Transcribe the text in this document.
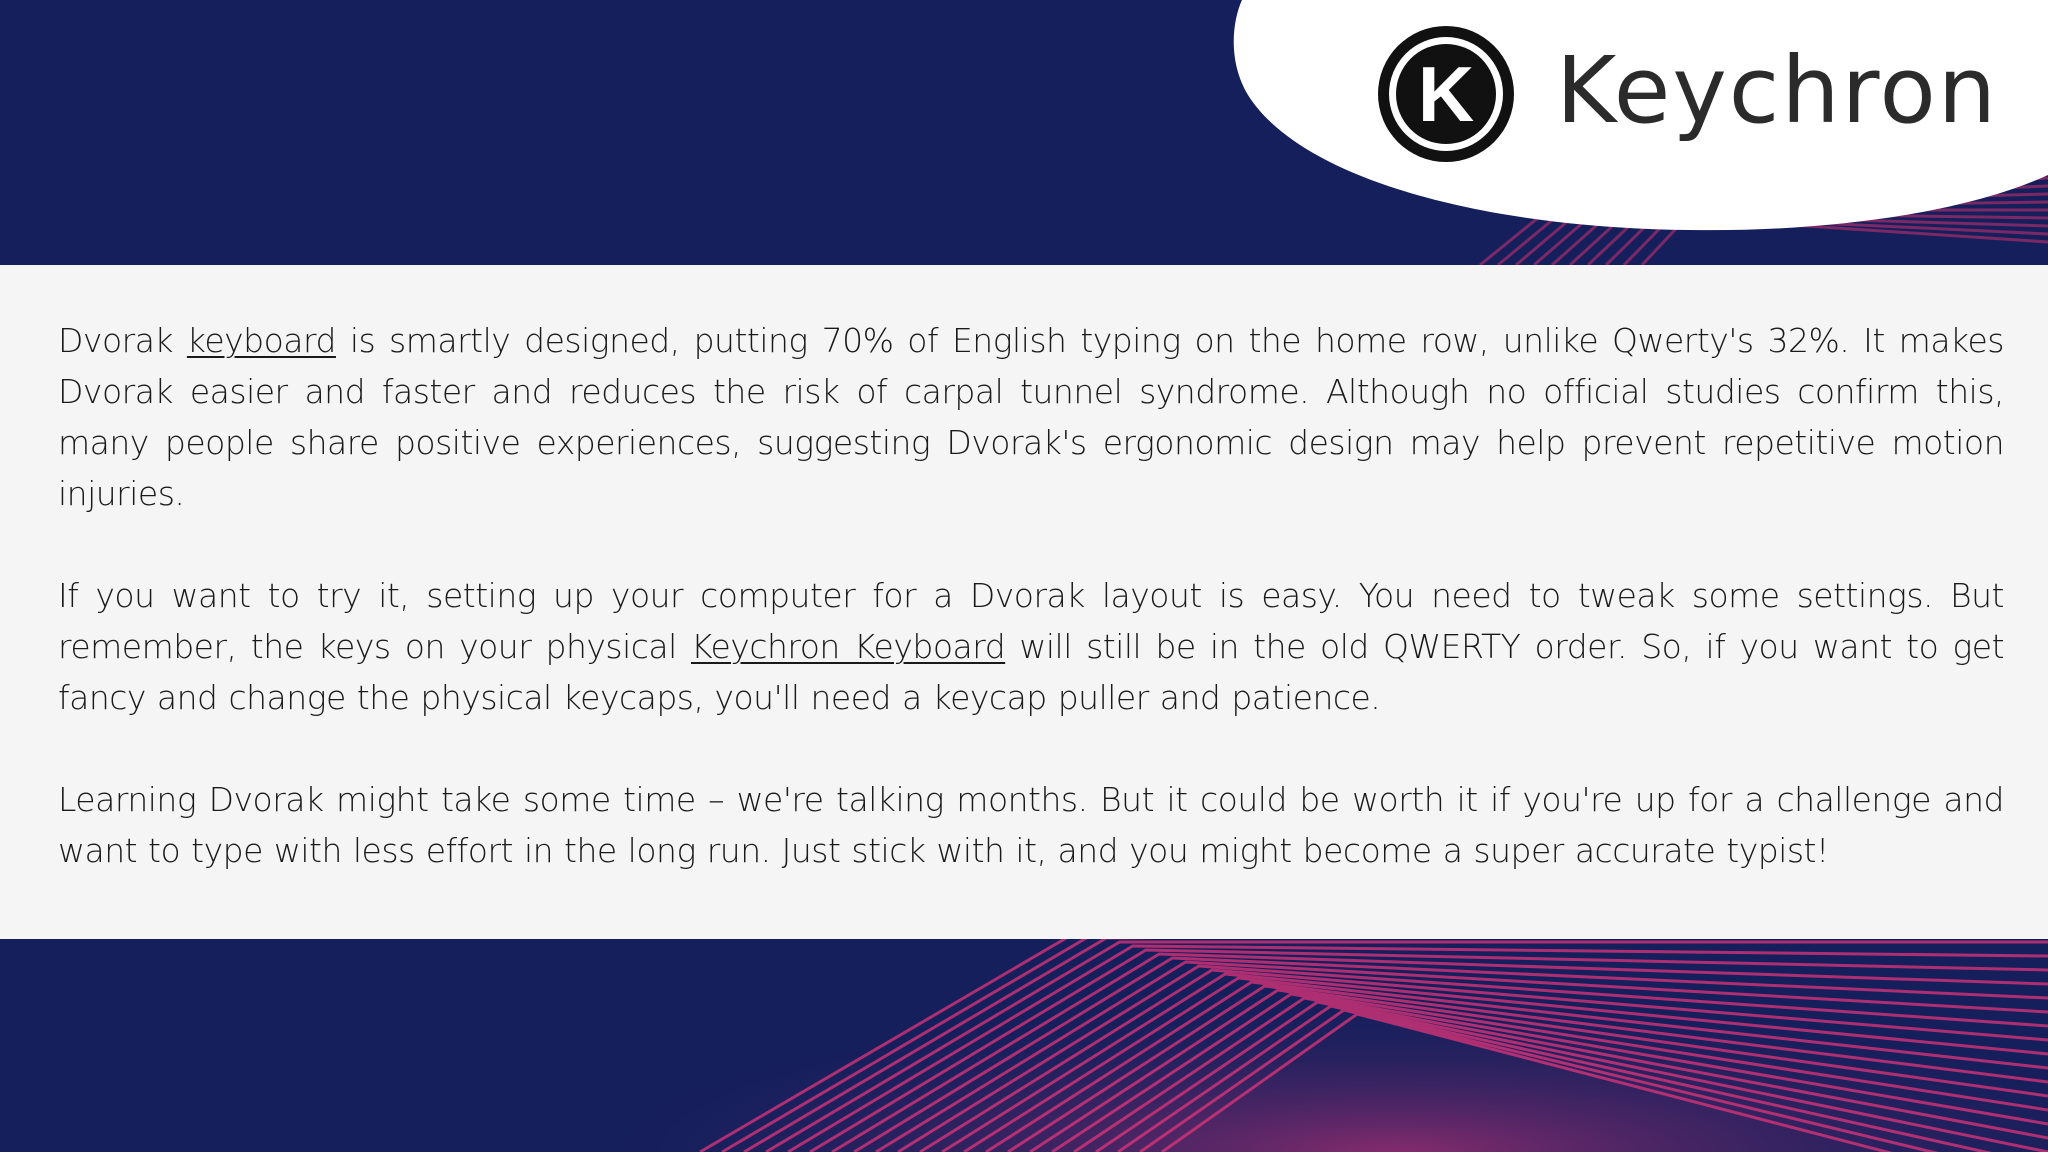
K Keychron

Dvorak keyboard is smartly designed, putting 70% of English typing on the home row, unlike Qwerty's 32%. It makes Dvorak easier and faster and reduces the risk of carpal tunnel syndrome. Although no official studies confirm this, many people share positive experiences, suggesting Dvorak's ergonomic design may help prevent repetitive motion injuries.

If you want to try it, setting up your computer for a Dvorak layout is easy. You need to tweak some settings. But remember, the keys on your physical Keychron Keyboard will still be in the old QWERTY order. So, if you want to get fancy and change the physical keycaps, you'll need a keycap puller and patience.

Learning Dvorak might take some time – we're talking months. But it could be worth it if you're up for a challenge and want to type with less effort in the long run. Just stick with it, and you might become a super accurate typist!
